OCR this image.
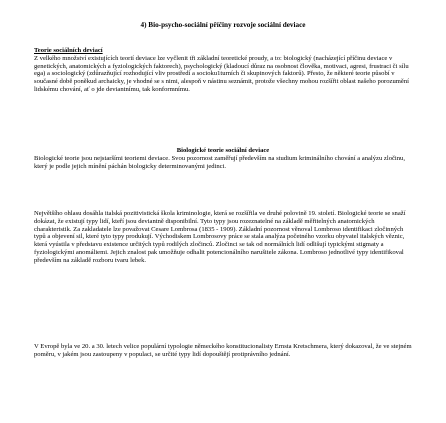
4) Bio-psycho-sociální příčiny rozvoje sociální deviace
Teorie sociálních deviací

Z velkého množství existujících teorií deviace lze vyčlenit tři základní teoretické proudy, a to: biologický (nacházející příčinu deviace v genetických, anatomických a fyziologických faktorech), psychologický (kladoucí důraz na osobnost člověka, motivaci, agresi, frustraci či sílu ega) a sociologický (zdůrazňující rozhodující vliv prostředí a socioku1turních či skupinových faktorů). Přesto, že některé teorie působí v současné době poněkud archaicky, je vhodné se s nimi, alespoň v nástinu seznámit, protože všechny mohou rozšířit oblast našeho porozumění lidskému chování, ať o jde deviantnímu, tak konformnímu.

Biologické teorie sociální deviace

Biologické teorie jsou nejstaršími teoriemi deviace. Svou pozornost zaměřují především na studium kriminálního chování a analýzu zločinu, který je podle jejich mínění páchán biologicky determinovanými jedinci.

Největšího ohlasu dosáhla italská pozitivistická škola kriminologie, která se rozšířila ve druhé polovině 19. století. Biologické teorie se snaží dokázat, že existují typy lidí, kteří jsou deviantně disponibilní. Tyto typy jsou rozeznatelné na základě měřitelných anatomických charakteristik. Za zakladatele lze považovat Cesare Lombrosa (1835 - 1909). Základní pozornost věnoval Lombroso identifikaci zločinných typů a objevení sil, které tyto typy produkují. Východiskem Lombrosovy práce se stala analýza početného vzorku obyvatel italských věznic, která vyústila v představu existence určitých typů rodilých zločinců. Zločinci se tak od normálních lidí odlišují typickými stigmaty a fyziologickými anomáliemi. Jejich znalost pak umožňuje odhalit potencionálního narušitele zákona. Lombroso jednotlivé typy identifikoval především na základě rozboru tvaru lebek.

V Evropě byla ve 20. a 30. letech velice populární typologie německého konstitucionalisty Ernsta Kretschmera, který dokazoval, že ve stejném poměru, v jakém jsou zastoupeny v populaci, se určité typy lidí dopouštějí protiprávního jednání.
